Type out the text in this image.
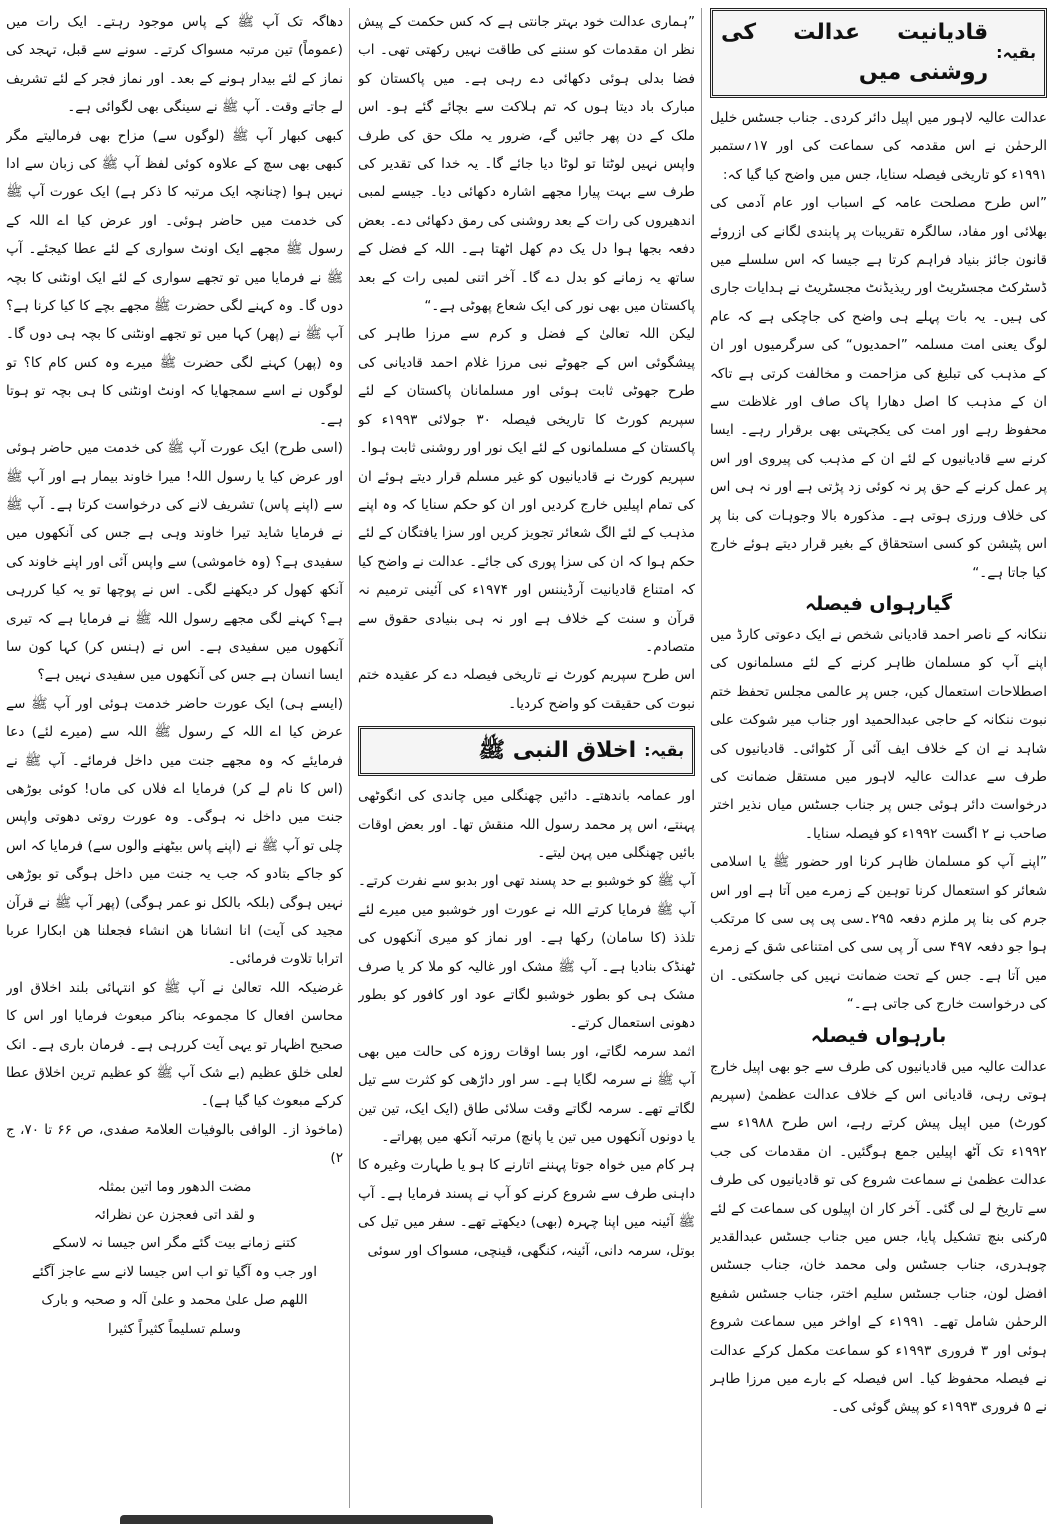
بقیہ:
قادیانیت عدالت کی روشنی میں

عدالت عالیہ لاہور میں اپیل دائر کردی۔ جناب جسٹس خلیل الرحمٰن نے اس مقدمہ کی سماعت کی اور ۱۷؍ستمبر ۱۹۹۱ء کو تاریخی فیصلہ سنایا، جس میں واضح کیا گیا کہ:

”اس طرح مصلحت عامہ کے اسباب اور عام آدمی کی بھلائی اور مفاد، سالگرہ تقریبات پر پابندی لگانے کی ازروئے قانون جائز بنیاد فراہم کرتا ہے جیسا کہ اس سلسلے میں ڈسٹرکٹ مجسٹریٹ اور ریذیڈنٹ مجسٹریٹ نے ہدایات جاری کی ہیں۔ یہ بات پہلے ہی واضح کی جاچکی ہے کہ عام لوگ یعنی امت مسلمہ ”احمدیوں“ کی سرگرمیوں اور ان کے مذہب کی تبلیغ کی مزاحمت و مخالفت کرتی ہے تاکہ ان کے مذہب کا اصل دھارا پاک صاف اور غلاظت سے محفوظ رہے اور امت کی یکجہتی بھی برقرار رہے۔ ایسا کرنے سے قادیانیوں کے لئے ان کے مذہب کی پیروی اور اس پر عمل کرنے کے حق پر نہ کوئی زد پڑتی ہے اور نہ ہی اس کی خلاف ورزی ہوتی ہے۔ مذکورہ بالا وجوہات کی بنا پر اس پٹیشن کو کسی استحقاق کے بغیر قرار دیتے ہوئے خارج کیا جاتا ہے۔“

گیارہواں فیصلہ

ننکانہ کے ناصر احمد قادیانی شخص نے ایک دعوتی کارڈ میں اپنے آپ کو مسلمان ظاہر کرنے کے لئے مسلمانوں کی اصطلاحات استعمال کیں، جس پر عالمی مجلس تحفظ ختم نبوت ننکانہ کے حاجی عبدالحمید اور جناب میر شوکت علی شاہد نے ان کے خلاف ایف آئی آر کٹوائی۔ قادیانیوں کی طرف سے عدالت عالیہ لاہور میں مستقل ضمانت کی درخواست دائر ہوئی جس پر جناب جسٹس میاں نذیر اختر صاحب نے ۲ اگست ۱۹۹۲ء کو فیصلہ سنایا۔

”اپنے آپ کو مسلمان ظاہر کرنا اور حضور ﷺ یا اسلامی شعائر کو استعمال کرنا توہین کے زمرے میں آتا ہے اور اس جرم کی بنا پر ملزم دفعہ ۲۹۵۔سی پی پی سی کا مرتکب ہوا جو دفعہ ۴۹۷ سی آر پی سی کی امتناعی شق کے زمرے میں آتا ہے۔ جس کے تحت ضمانت نہیں کی جاسکتی۔ ان کی درخواست خارج کی جاتی ہے۔“

بارہواں فیصلہ

عدالت عالیہ میں قادیانیوں کی طرف سے جو بھی اپیل خارج ہوتی رہی، قادیانی اس کے خلاف عدالت عظمیٰ (سپریم کورٹ) میں اپیل پیش کرتے رہے، اس طرح ۱۹۸۸ء سے ۱۹۹۲ء تک آٹھ اپیلیں جمع ہوگئیں۔ ان مقدمات کی جب عدالت عظمیٰ نے سماعت شروع کی تو قادیانیوں کی طرف سے تاریخ لے لی گئی۔ آخر کار ان اپیلوں کی سماعت کے لئے ۵رکنی بنچ تشکیل پایا، جس میں جناب جسٹس عبدالقدیر چوہدری، جناب جسٹس ولی محمد خان، جناب جسٹس افضل لون، جناب جسٹس سلیم اختر، جناب جسٹس شفیع الرحمٰن شامل تھے۔ ۱۹۹۱ء کے اواخر میں سماعت شروع ہوئی اور ۳ فروری ۱۹۹۳ء کو سماعت مکمل کرکے عدالت نے فیصلہ محفوظ کیا۔ اس فیصلہ کے بارے میں مرزا طاہر نے ۵ فروری ۱۹۹۳ء کو پیش گوئی کی۔

”ہماری عدالت خود بہتر جانتی ہے کہ کس حکمت کے پیش نظر ان مقدمات کو سننے کی طاقت نہیں رکھتی تھی۔ اب فضا بدلی ہوئی دکھائی دے رہی ہے۔ میں پاکستان کو مبارک باد دیتا ہوں کہ تم ہلاکت سے بچائے گئے ہو۔ اس ملک کے دن پھر جائیں گے، ضرور یہ ملک حق کی طرف واپس نہیں لوٹتا تو لوٹا دیا جائے گا۔ یہ خدا کی تقدیر کی طرف سے بہت پیارا مجھے اشارہ دکھائی دیا۔ جیسے لمبی اندھیروں کی رات کے بعد روشنی کی رمق دکھائی دے۔ بعض دفعہ بجھا ہوا دل یک دم کھل اٹھتا ہے۔ اللہ کے فضل کے ساتھ یہ زمانے کو بدل دے گا۔ آخر اتنی لمبی رات کے بعد پاکستان میں بھی نور کی ایک شعاع پھوٹی ہے۔“

لیکن اللہ تعالیٰ کے فضل و کرم سے مرزا طاہر کی پیشگوئی اس کے جھوٹے نبی مرزا غلام احمد قادیانی کی طرح جھوٹی ثابت ہوئی اور مسلمانان پاکستان کے لئے سپریم کورٹ کا تاریخی فیصلہ ۳۰ جولائی ۱۹۹۳ء کو پاکستان کے مسلمانوں کے لئے ایک نور اور روشنی ثابت ہوا۔

سپریم کورٹ نے قادیانیوں کو غیر مسلم قرار دیتے ہوئے ان کی تمام اپیلیں خارج کردیں اور ان کو حکم سنایا کہ وہ اپنے مذہب کے لئے الگ شعائر تجویز کریں اور سزا یافتگان کے لئے حکم ہوا کہ ان کی سزا پوری کی جائے۔ عدالت نے واضح کیا کہ امتناع قادیانیت آرڈیننس اور ۱۹۷۴ء کی آئینی ترمیم نہ قرآن و سنت کے خلاف ہے اور نہ ہی بنیادی حقوق سے متصادم۔

اس طرح سپریم کورٹ نے تاریخی فیصلہ دے کر عقیدہ ختم نبوت کی حقیقت کو واضح کردیا۔

بقیہ:
اخلاق النبی ﷺ

اور عمامہ باندھتے۔ دائیں چھنگلی میں چاندی کی انگوٹھی پہنتے، اس پر محمد رسول اللہ منقش تھا۔ اور بعض اوقات بائیں چھنگلی میں پہن لیتے۔

آپ ﷺ کو خوشبو بے حد پسند تھی اور بدبو سے نفرت کرتے۔ آپ ﷺ فرمایا کرتے اللہ نے عورت اور خوشبو میں میرے لئے تلذذ (کا سامان) رکھا ہے۔ اور نماز کو میری آنکھوں کی ٹھنڈک بنادیا ہے۔ آپ ﷺ مشک اور غالیہ کو ملا کر یا صرف مشک ہی کو بطور خوشبو لگاتے عود اور کافور کو بطور دھونی استعمال کرتے۔

اثمد سرمہ لگاتے، اور بسا اوقات روزہ کی حالت میں بھی آپ ﷺ نے سرمہ لگایا ہے۔ سر اور داڑھی کو کثرت سے تیل لگاتے تھے۔ سرمہ لگاتے وقت سلائی طاق (ایک ایک، تین تین یا دونوں آنکھوں میں تین یا پانچ) مرتبہ آنکھ میں پھراتے۔

ہر کام میں خواہ جوتا پہننے اتارنے کا ہو یا طہارت وغیرہ کا داہنی طرف سے شروع کرنے کو آپ نے پسند فرمایا ہے۔ آپ ﷺ آئینہ میں اپنا چہرہ (بھی) دیکھتے تھے۔ سفر میں تیل کی بوتل، سرمہ دانی، آئینہ، کنگھی، قینچی، مسواک اور سوئی

دھاگہ تک آپ ﷺ کے پاس موجود رہتے۔ ایک رات میں (عموماً) تین مرتبہ مسواک کرتے۔ سونے سے قبل، تہجد کی نماز کے لئے بیدار ہونے کے بعد۔ اور نماز فجر کے لئے تشریف لے جاتے وقت۔ آپ ﷺ نے سینگی بھی لگوائی ہے۔

کبھی کبھار آپ ﷺ (لوگوں سے) مزاح بھی فرمالیتے مگر کبھی بھی سچ کے علاوہ کوئی لفظ آپ ﷺ کی زبان سے ادا نہیں ہوا (چنانچہ ایک مرتبہ کا ذکر ہے) ایک عورت آپ ﷺ کی خدمت میں حاضر ہوئی۔ اور عرض کیا اے اللہ کے رسول ﷺ مجھے ایک اونٹ سواری کے لئے عطا کیجئے۔ آپ ﷺ نے فرمایا میں تو تجھے سواری کے لئے ایک اونٹنی کا بچہ دوں گا۔ وہ کہنے لگی حضرت ﷺ مجھے بچے کا کیا کرنا ہے؟ آپ ﷺ نے (پھر) کہا میں تو تجھے اونٹنی کا بچہ ہی دوں گا۔ وہ (پھر) کہنے لگی حضرت ﷺ میرے وہ کس کام کا؟ تو لوگوں نے اسے سمجھایا کہ اونٹ اونٹنی کا ہی بچہ تو ہوتا ہے۔

(اسی طرح) ایک عورت آپ ﷺ کی خدمت میں حاضر ہوئی اور عرض کیا یا رسول اللہ! میرا خاوند بیمار ہے اور آپ ﷺ سے (اپنے پاس) تشریف لانے کی درخواست کرتا ہے۔ آپ ﷺ نے فرمایا شاید تیرا خاوند وہی ہے جس کی آنکھوں میں سفیدی ہے؟ (وہ خاموشی) سے واپس آئی اور اپنے خاوند کی آنکھ کھول کر دیکھنے لگی۔ اس نے پوچھا تو یہ کیا کررہی ہے؟ کہنے لگی مجھے رسول اللہ ﷺ نے فرمایا ہے کہ تیری آنکھوں میں سفیدی ہے۔ اس نے (ہنس کر) کہا کون سا ایسا انسان ہے جس کی آنکھوں میں سفیدی نہیں ہے؟

(ایسے ہی) ایک عورت حاضر خدمت ہوئی اور آپ ﷺ سے عرض کیا اے اللہ کے رسول ﷺ اللہ سے (میرے لئے) دعا فرمایئے کہ وہ مجھے جنت میں داخل فرمائے۔ آپ ﷺ نے (اس کا نام لے کر) فرمایا اے فلاں کی ماں! کوئی بوڑھی جنت میں داخل نہ ہوگی۔ وہ عورت روتی دھوتی واپس چلی تو آپ ﷺ نے (اپنے پاس بیٹھنے والوں سے) فرمایا کہ اس کو جاکے بتادو کہ جب یہ جنت میں داخل ہوگی تو بوڑھی نہیں ہوگی (بلکہ بالکل نو عمر ہوگی) (پھر آپ ﷺ نے قرآن مجید کی آیت) انا انشانا ھن انشاء فجعلنا ھن ابکارا عربا اترابا تلاوت فرمائی۔

غرضیکہ اللہ تعالیٰ نے آپ ﷺ کو انتہائی بلند اخلاق اور محاسن افعال کا مجموعہ بناکر مبعوث فرمایا اور اس کا صحیح اظہار تو یہی آیت کررہی ہے۔ فرمان باری ہے۔ انک لعلی خلق عظیم (بے شک آپ ﷺ کو عظیم ترین اخلاق عطا کرکے مبعوث کیا گیا ہے)۔

(ماخوذ از۔ الوافی بالوفیات العلامۃ صفدی، ص ۶۶ تا ۷۰، ج ۲)

مضت الدھور وما اتین بمثلہ

و لقد اتی فعجزن عن نظرائہ

کتنے زمانے بیت گئے مگر اس جیسا نہ لاسکے

اور جب وہ آگیا تو اب اس جیسا لانے سے عاجز آگئے

اللھم صل علیٰ محمد و علیٰ آلہ و صحبہ و بارک

وسلم تسلیماً کثیراً کثیرا
